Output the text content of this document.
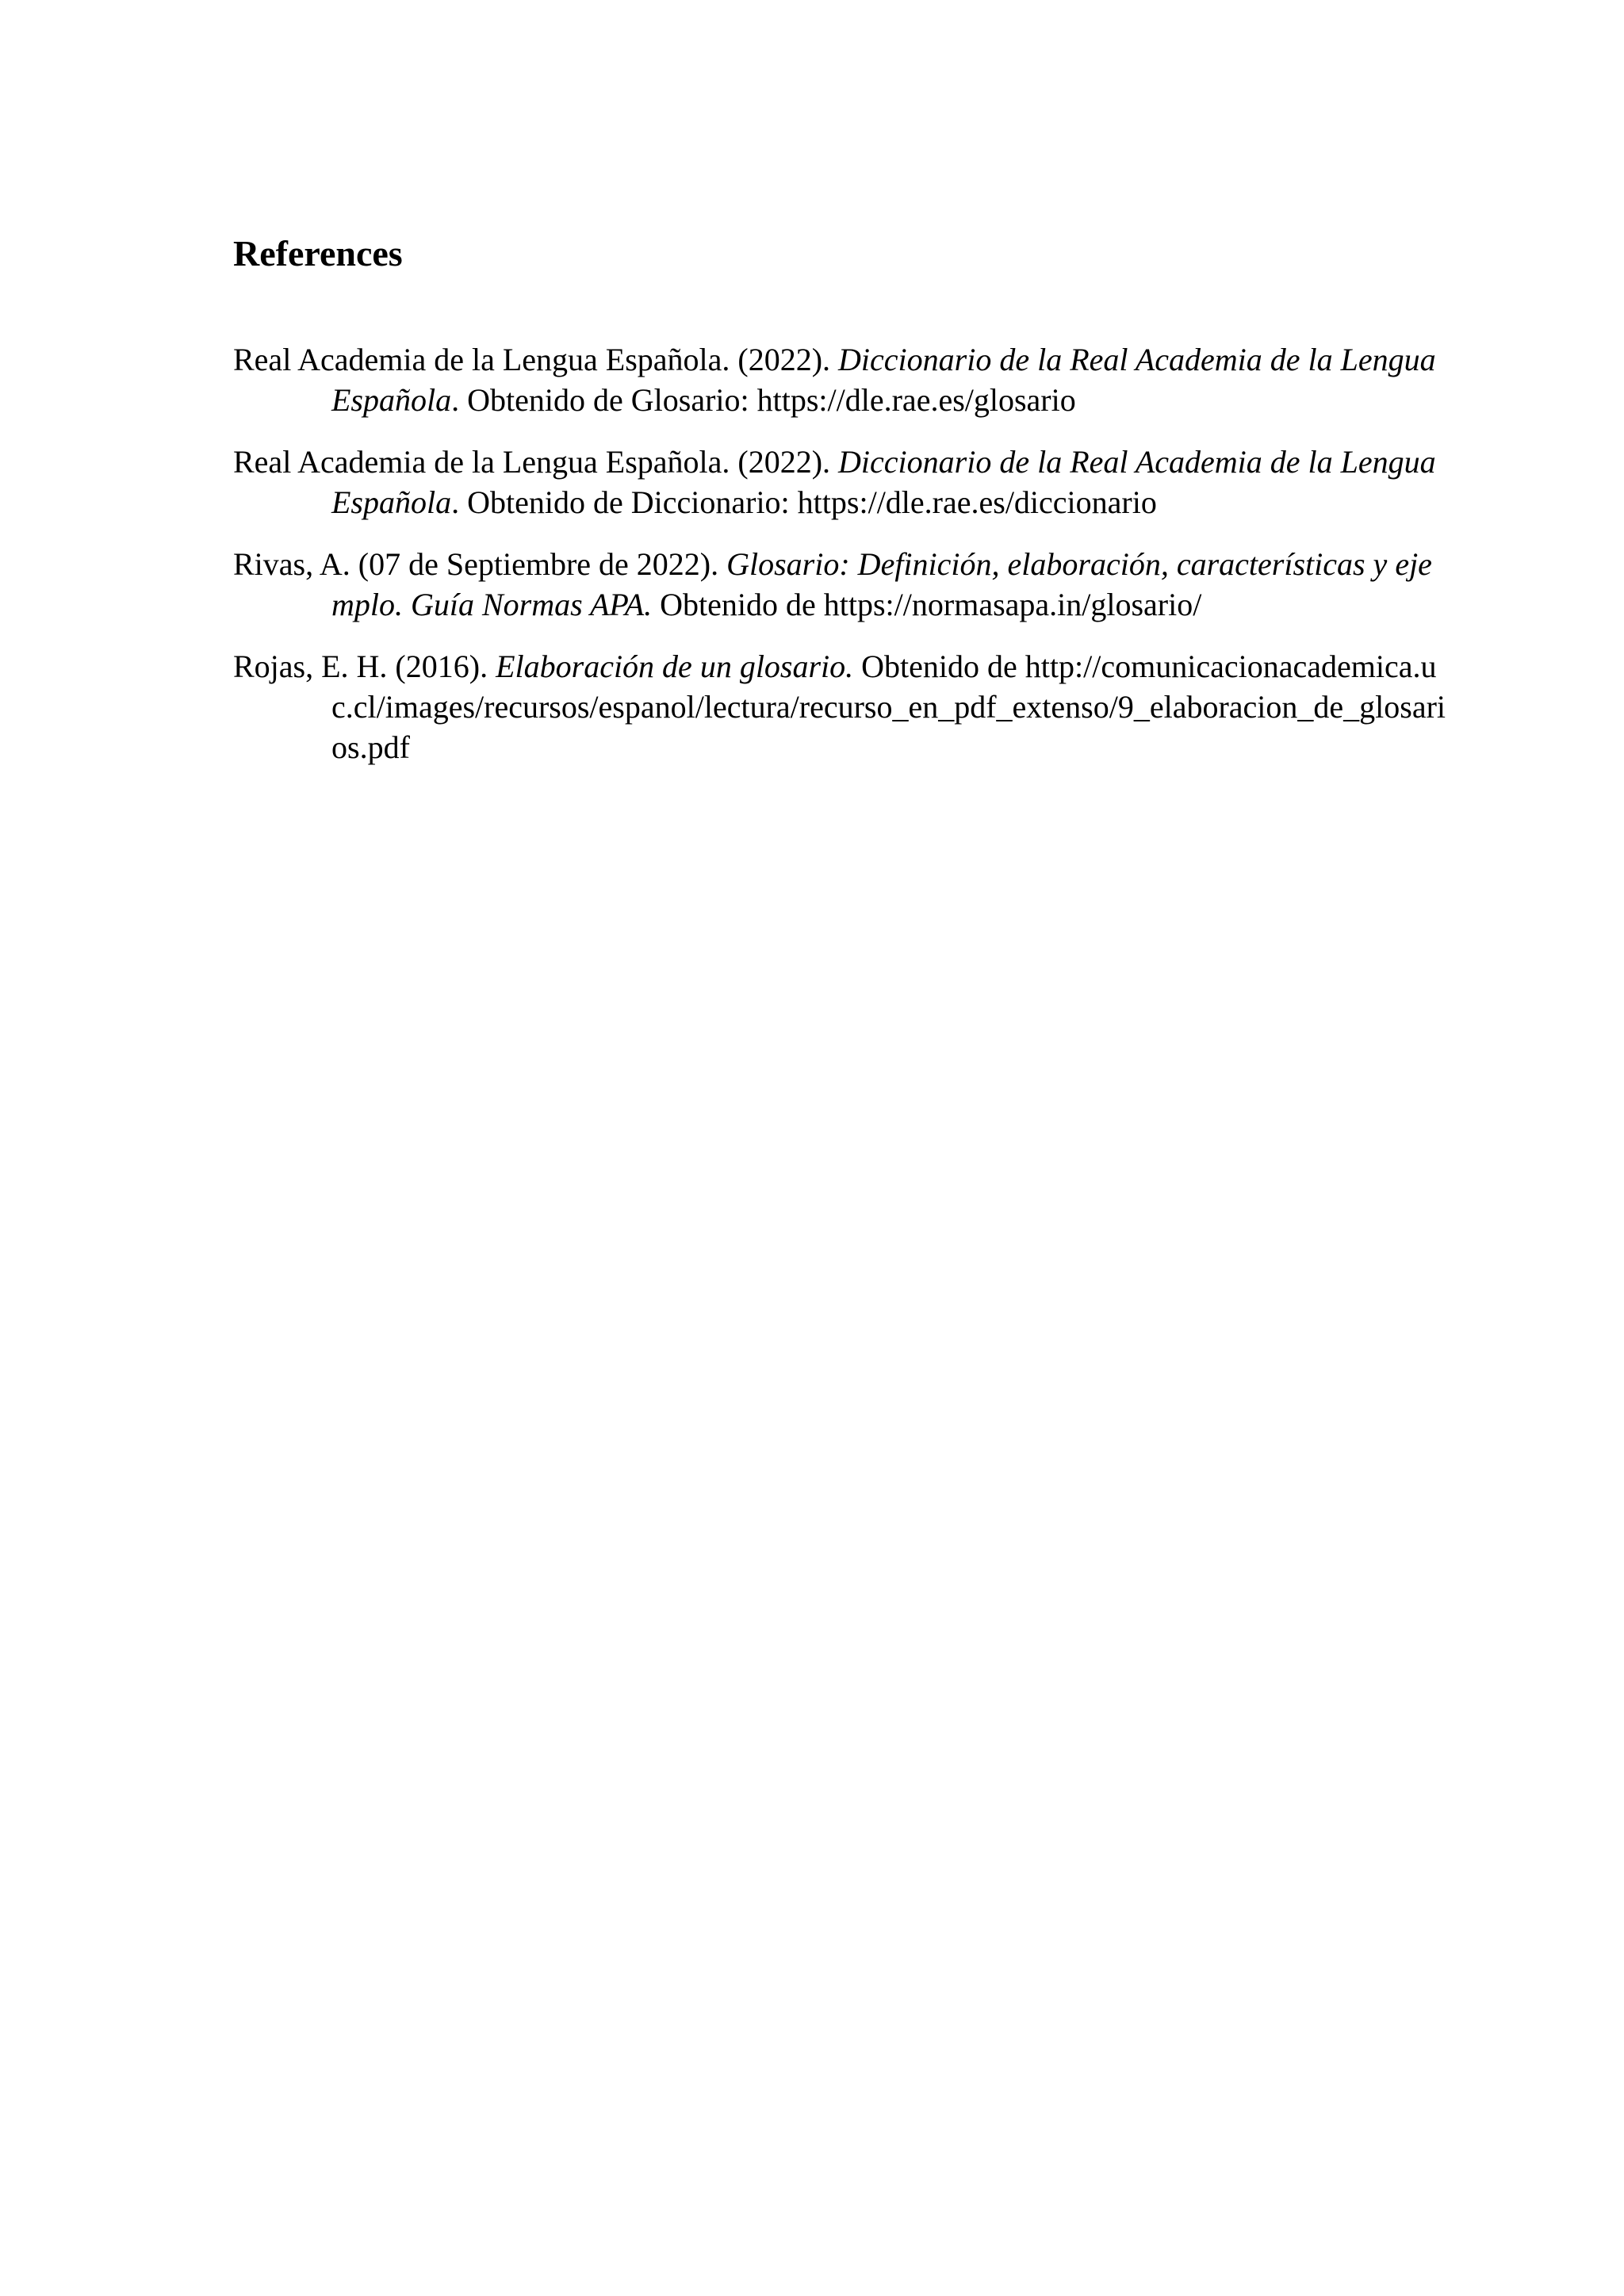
References
Real Academia de la Lengua Española. (2022). Diccionario de la Real Academia de la Lengua Española. Obtenido de Glosario: https://dle.rae.es/glosario
Real Academia de la Lengua Española. (2022). Diccionario de la Real Academia de la Lengua Española. Obtenido de Diccionario: https://dle.rae.es/diccionario
Rivas, A. (07 de Septiembre de 2022). Glosario: Definición, elaboración, características y ejemplo. Guía Normas APA. Obtenido de https://normasapa.in/glosario/
Rojas, E. H. (2016). Elaboración de un glosario. Obtenido de http://comunicacionacademica.uc.cl/images/recursos/espanol/lectura/recurso_en_pdf_extenso/9_elaboracion_de_glosarios.pdf
